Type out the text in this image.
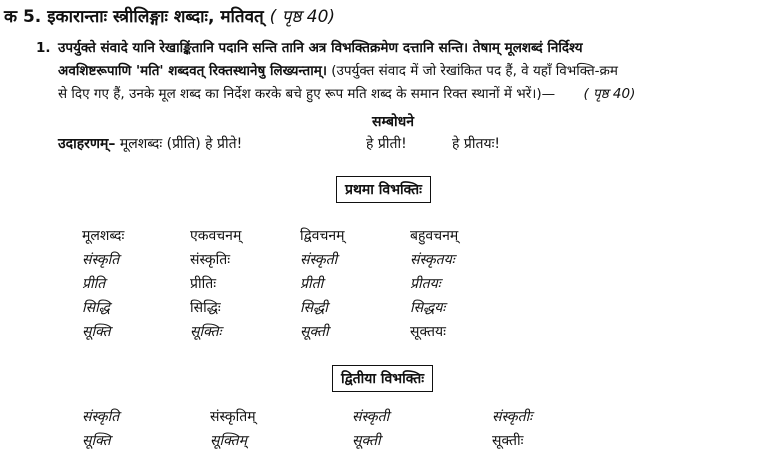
क 5. इकारान्ताः स्त्रीलिङ्गाः शब्दाः, मतिवत् ( पृष्ठ 40)
1. उपर्युक्ते संवादे यानि रेखाङ्किंतानि पदानि सन्ति तानि अत्र विभक्तिक्रमेण दत्तानि सन्ति। तेषाम् मूलशब्दं निर्दिश्य
अवशिष्टरूपाणि 'मति' शब्दवत् रिक्तस्थानेषु लिख्यन्ताम्। (उपर्युक्त संवाद में जो रेखांकित पद हैं, वे यहाँ विभक्ति-क्रम
से दिए गए हैं, उनके मूल शब्द का निर्देश करके बचे हुए रूप मति शब्द के समान रिक्त स्थानों में भरें।)— ( पृष्ठ 40)
सम्बोधने
उदाहरणम्– मूलशब्दः (प्रीति) हे प्रीते!	हे प्रीती!	हे प्रीतयः!
प्रथमा विभक्तिः
मूलशब्दः	एकवचनम्	द्विवचनम्	बहुवचनम्
संस्कृति	संस्कृतिः	संस्कृती	संस्कृतयः
प्रीति	प्रीतिः	प्रीती	प्रीतयः
सिद्धि	सिद्धिः	सिद्धी	सिद्धयः
सूक्ति	सूक्तिः	सूक्ती	सूक्तयः
द्वितीया विभक्तिः
संस्कृति	संस्कृतिम्	संस्कृती	संस्कृतीः
सूक्ति	सूक्तिम्	सूक्ती	सूक्तीः
